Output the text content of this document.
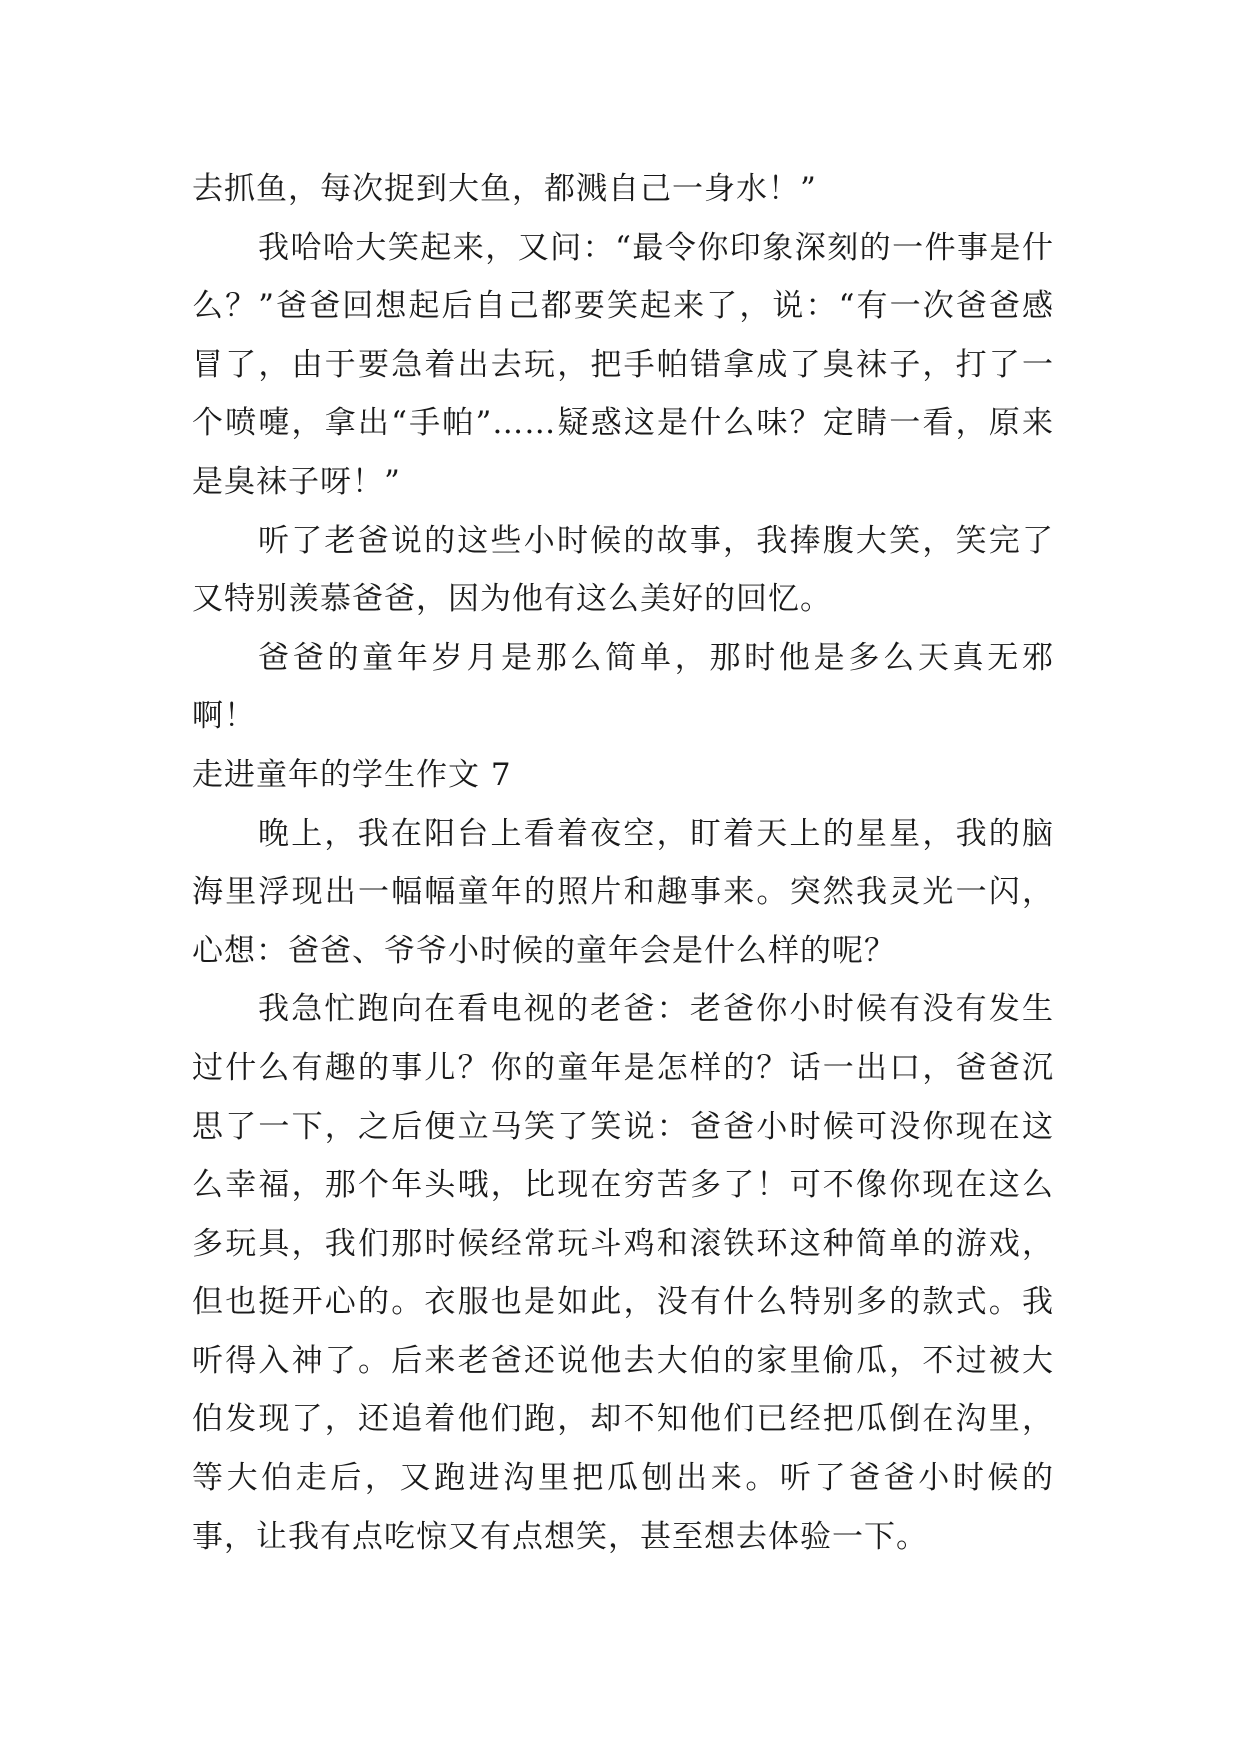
去抓鱼，每次捉到大鱼，都溅自己一身水！”

我哈哈大笑起来，又问：“最令你印象深刻的一件事是什么？”爸爸回想起后自己都要笑起来了，说：“有一次爸爸感冒了，由于要急着出去玩，把手帕错拿成了臭袜子，打了一个喷嚏，拿出“手帕”……疑惑这是什么味？定睛一看，原来是臭袜子呀！”

听了老爸说的这些小时候的故事，我捧腹大笑，笑完了又特别羡慕爸爸，因为他有这么美好的回忆。

爸爸的童年岁月是那么简单，那时他是多么天真无邪啊！

走进童年的学生作文 7

晚上，我在阳台上看着夜空，盯着天上的星星，我的脑海里浮现出一幅幅童年的照片和趣事来。突然我灵光一闪，心想：爸爸、爷爷小时候的童年会是什么样的呢？

我急忙跑向在看电视的老爸：老爸你小时候有没有发生过什么有趣的事儿？你的童年是怎样的？话一出口，爸爸沉思了一下，之后便立马笑了笑说：爸爸小时候可没你现在这么幸福，那个年头哦，比现在穷苦多了！可不像你现在这么多玩具，我们那时候经常玩斗鸡和滚铁环这种简单的游戏，但也挺开心的。衣服也是如此，没有什么特别多的款式。我听得入神了。后来老爸还说他去大伯的家里偷瓜，不过被大伯发现了，还追着他们跑，却不知他们已经把瓜倒在沟里，等大伯走后，又跑进沟里把瓜刨出来。听了爸爸小时候的事，让我有点吃惊又有点想笑，甚至想去体验一下。
